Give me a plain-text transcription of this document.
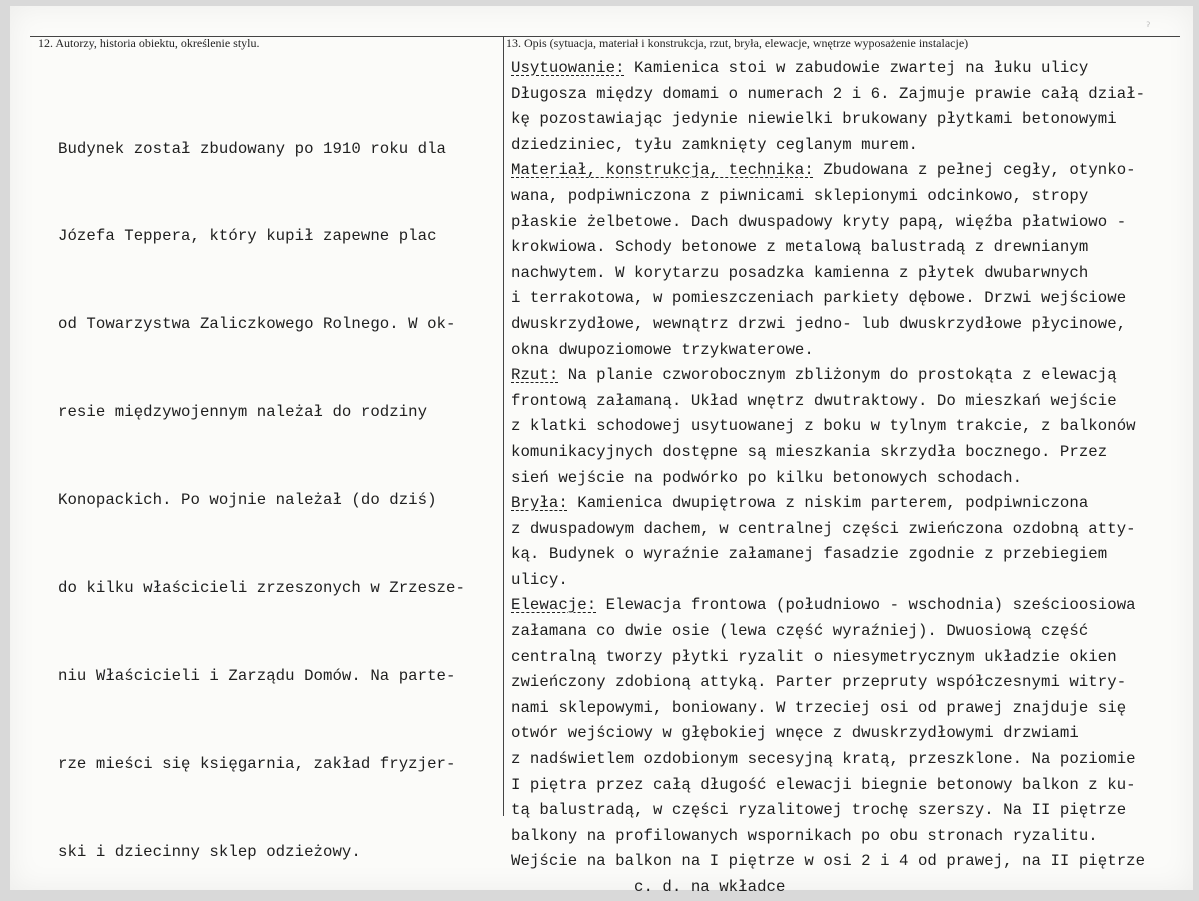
ˀ
12. Autorzy, historia obiektu, określenie stylu.	13. Opis (sytuacja, materiał i konstrukcja, rzut, bryła, elewacje, wnętrze wyposażenie instalacje)

Budynek został zbudowany po 1910 roku dla

Józefa Teppera, który kupił zapewne plac

od Towarzystwa Zaliczkowego Rolnego. W ok-

resie międzywojennym należał do rodziny

Konopackich. Po wojnie należał (do dziś)

do kilku właścicieli zrzeszonych w Zrzesze-

niu Właścicieli i Zarządu Domów. Na parte-

rze mieści się księgarnia, zakład fryzjer-

ski i dziecinny sklep odzieżowy.

Usytuowanie: Kamienica stoi w zabudowie zwartej na łuku ulicy
Długosza między domami o numerach 2 i 6. Zajmuje prawie całą dział-
kę pozostawiając jedynie niewielki brukowany płytkami betonowymi
dziedziniec, tyłu zamknięty ceglanym murem.
Materiał, konstrukcja, technika: Zbudowana z pełnej cegły, otynko-
wana, podpiwniczona z piwnicami sklepionymi odcinkowo, stropy
płaskie żelbetowe. Dach dwuspadowy kryty papą, więźba płatwiowo -
krokwiowa. Schody betonowe z metalową balustradą z drewnianym
nachwytem. W korytarzu posadzka kamienna z płytek dwubarwnych
i terrakotowa, w pomieszczeniach parkiety dębowe. Drzwi wejściowe
dwuskrzydłowe, wewnątrz drzwi jedno- lub dwuskrzydłowe płycinowe,
okna dwupoziomowe trzykwaterowe.
Rzut: Na planie czworobocznym zbliżonym do prostokąta z elewacją
frontową załamaną. Układ wnętrz dwutraktowy. Do mieszkań wejście
z klatki schodowej usytuowanej z boku w tylnym trakcie, z balkonów
komunikacyjnych dostępne są mieszkania skrzydła bocznego. Przez
sień wejście na podwórko po kilku betonowych schodach.
Bryła: Kamienica dwupiętrowa z niskim parterem, podpiwniczona
z dwuspadowym dachem, w centralnej części zwieńczona ozdobną atty-
ką. Budynek o wyraźnie załamanej fasadzie zgodnie z przebiegiem
ulicy.
Elewacje: Elewacja frontowa (południowo - wschodnia) sześcioosiowa
załamana co dwie osie (lewa część wyraźniej). Dwuosiową część
centralną tworzy płytki ryzalit o niesymetrycznym układzie okien
zwieńczony zdobioną attyką. Parter przepruty współczesnymi witry-
nami sklepowymi, boniowany. W trzeciej osi od prawej znajduje się
otwór wejściowy w głębokiej wnęce z dwuskrzydłowymi drzwiami
z nadświetlem ozdobionym secesyjną kratą, przeszklone. Na poziomie
I piętra przez całą długość elewacji biegnie betonowy balkon z ku-
tą balustradą, w części ryzalitowej trochę szerszy. Na II piętrze
balkony na profilowanych wspornikach po obu stronach ryzalitu.
Wejście na balkon na I piętrze w osi 2 i 4 od prawej, na II piętrze
c. d. na wkładce
